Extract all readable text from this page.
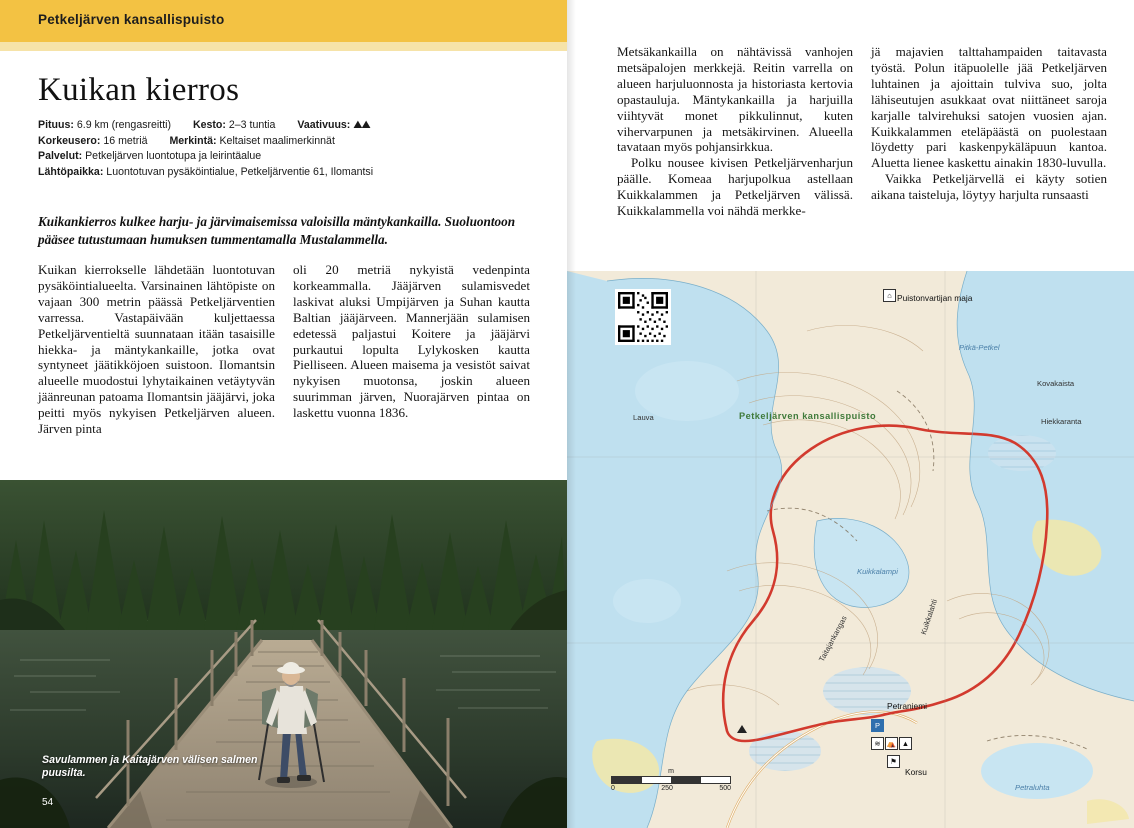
Petkeljärven kansallispuisto
Kuikan kierros
Pituus: 6.9 km (rengasreitti) Kesto: 2–3 tuntia Vaativuus: ⛰⛰
Korkeusero: 16 metriä Merkintä: Keltaiset maalimerkinnät
Palvelut: Petkeljärven luontotupa ja leirintäalue
Lähtöpaikka: Luontotuvan pysäköintialue, Petkeljärventie 61, Ilomantsi
Kuikankierros kulkee harju- ja järvimaisemissa valoisilla mäntykankailla. Suoluontoon pääsee tutustumaan humuksen tummentamalla Mustalammella.

Kuikan kierrokselle lähdetään luontotuvan pysäköintialueelta. Varsinainen lähtöpiste on vajaan 300 metrin päässä Petkeljärventien varressa. Vastapäivään kuljettaessa Petkeljärventieltä suunnataan itään tasaisille hiekka- ja mäntykankaille, jotka ovat syntyneet jäätikköjoen suistoon. Ilomantsin alueelle muodostui lyhytaikainen vetäytyvän jäänreunan patoama Ilomantsin jääjärvi, joka peitti myös nykyisen Petkeljärven alueen. Järven pinta

oli 20 metriä nykyistä vedenpinta korkeammalla. Jääjärven sulamisvedet laskivat aluksi Umpijärven ja Suhan kautta Baltian jääjärveen. Mannerjään sulamisen edetessä paljastui Koitere ja jääjärvi purkautui lopulta Lylykosken kautta Pielliseen. Alueen maisema ja vesistöt saivat nykyisen muotonsa, joskin alueen suurimman järven, Nuorajärven pintaa on laskettu vuonna 1836.

Savulammen ja Kaitajärven välisen salmen puusilta.
54

Metsäkankailla on nähtävissä vanhojen metsäpalojen merkkejä. Reitin varrella on alueen harjuluonnosta ja historiasta kertovia opastauluja. Mäntykankailla ja harjuilla viihtyvät monet pikkulinnut, kuten vihervarpunen ja metsäkirvinen. Alueella tavataan myös pohjansirkkua.

Polku nousee kivisen Petkeljärvenharjun päälle. Komeaa harjupolkua astellaan Kuikkalammen ja Petkeljärven välissä. Kuikkalammella voi nähdä merkke-

jä majavien talttahampaiden taitavasta työstä. Polun itäpuolelle jää Petkeljärven luhtainen ja ajoittain tulviva suo, jolta lähiseutujen asukkaat ovat niittäneet saroja karjalle talvirehuksi satojen vuosien ajan. Kuikkalammen eteläpäästä on puolestaan löydetty pari kaskenpykäläpuun kantoa. Aluetta lienee kaskettu ainakin 1830-luvulla.

Vaikka Petkeljärvellä ei käyty sotien aikana taisteluja, löytyy harjulta runsaasti

Puistonvartijan maja
Petkeljärven kansallispuisto
Kuikkalampi
Petraniemi
Korsu
Petraluhta
Lauva
Taitajankangas	Kuikkalahti
Kovakaista
Pitkä-Petkel
Hiekkaranta
⌂
P
⛺ ▲
≋
⚑
m
0	250	500
